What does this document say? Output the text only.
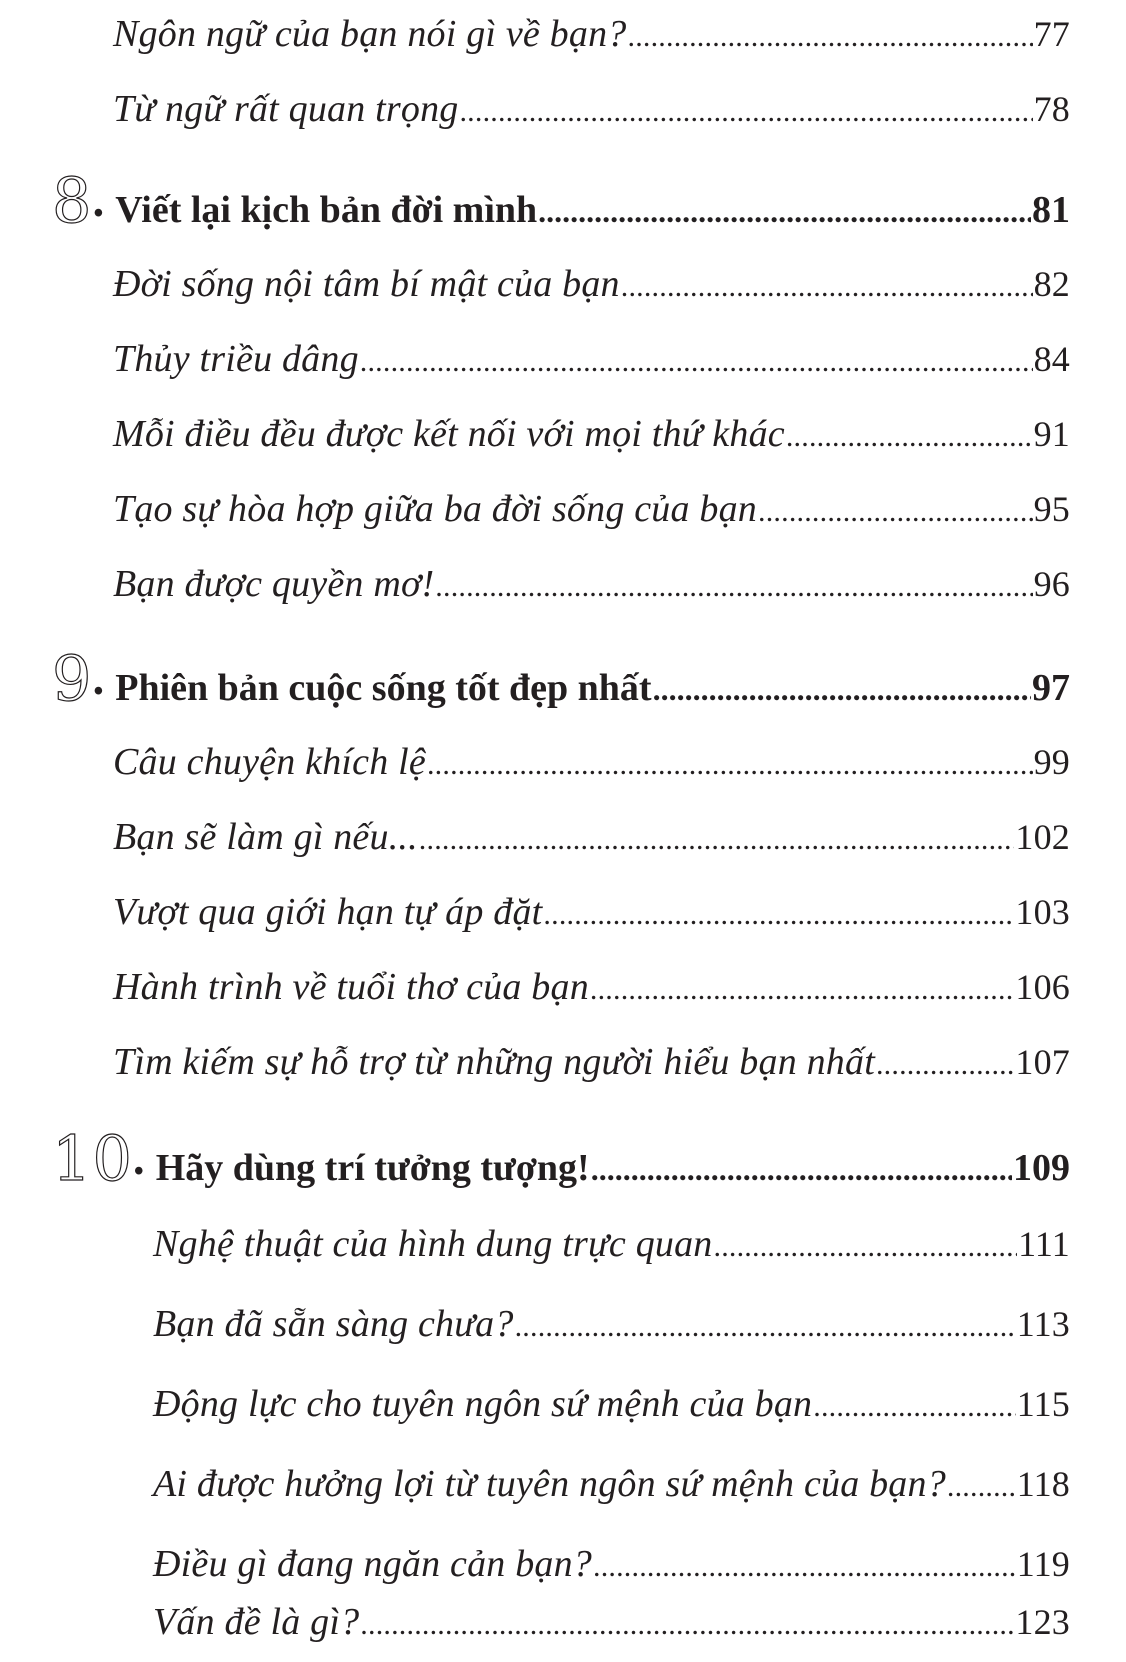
Ngôn ngữ của bạn nói gì về bạn? .....	77
Từ ngữ rất quan trọng .....	78
8 • Viết lại kịch bản đời mình .....	81
Đời sống nội tâm bí mật của bạn .....	82
Thủy triều dâng .....	84
Mỗi điều đều được kết nối với mọi thứ khác .....	91
Tạo sự hòa hợp giữa ba đời sống của bạn .....	95
Bạn được quyền mơ! .....	96
9 • Phiên bản cuộc sống tốt đẹp nhất .....	97
Câu chuyện khích lệ .....	99
Bạn sẽ làm gì nếu... .....	102
Vượt qua giới hạn tự áp đặt .....	103
Hành trình về tuổi thơ của bạn .....	106
Tìm kiếm sự hỗ trợ từ những người hiểu bạn nhất .....	107
10 • Hãy dùng trí tưởng tượng! .....	109
Nghệ thuật của hình dung trực quan .....	111
Bạn đã sẵn sàng chưa? .....	113
Động lực cho tuyên ngôn sứ mệnh của bạn .....	115
Ai được hưởng lợi từ tuyên ngôn sứ mệnh của bạn? ..... 118
Điều gì đang ngăn cản bạn? .....	119
Vấn đề là gì? .....	123
